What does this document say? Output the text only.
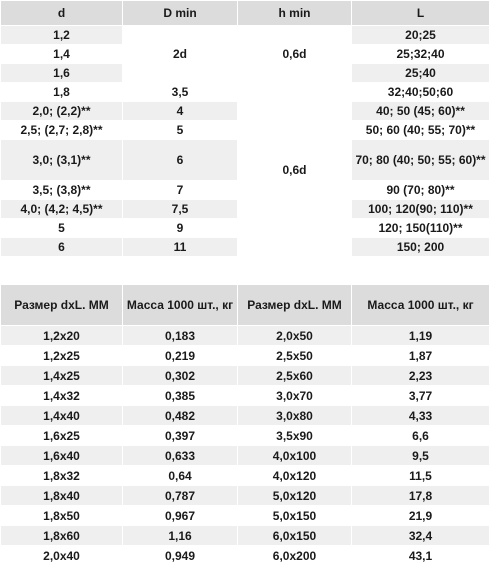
d	D min	h min	L
1,2	2d	0,6d	20;25
1,4			25;32;40
1,6			25;40
1,8	3,5	0,6d	32;40;50;60
2,0; (2,2)**	4		40; 50 (45; 60)**
2,5; (2,7; 2,8)**	5		50; 60 (40; 55; 70)**
3,0; (3,1)**	6		70; 80 (40; 50; 55; 60)**
3,5; (3,8)**	7		90 (70; 80)**
4,0; (4,2; 4,5)**	7,5		100; 120(90; 110)**
5	9		120; 150(110)**
6	11		150; 200
Размер dxL. ММ	Масса 1000 шт., кг	Размер dxL. ММ	Масса 1000 шт., кг
1,2x20	0,183	2,0x50	1,19
1,2x25	0,219	2,5x50	1,87
1,4x25	0,302	2,5x60	2,23
1,4x32	0,385	3,0x70	3,77
1,4x40	0,482	3,0x80	4,33
1,6x25	0,397	3,5x90	6,6
1,6x40	0,633	4,0x100	9,5
1,8x32	0,64	4,0x120	11,5
1,8x40	0,787	5,0x120	17,8
1,8x50	0,967	5,0x150	21,9
1,8x60	1,16	6,0x150	32,4
2,0x40	0,949	6,0x200	43,1
